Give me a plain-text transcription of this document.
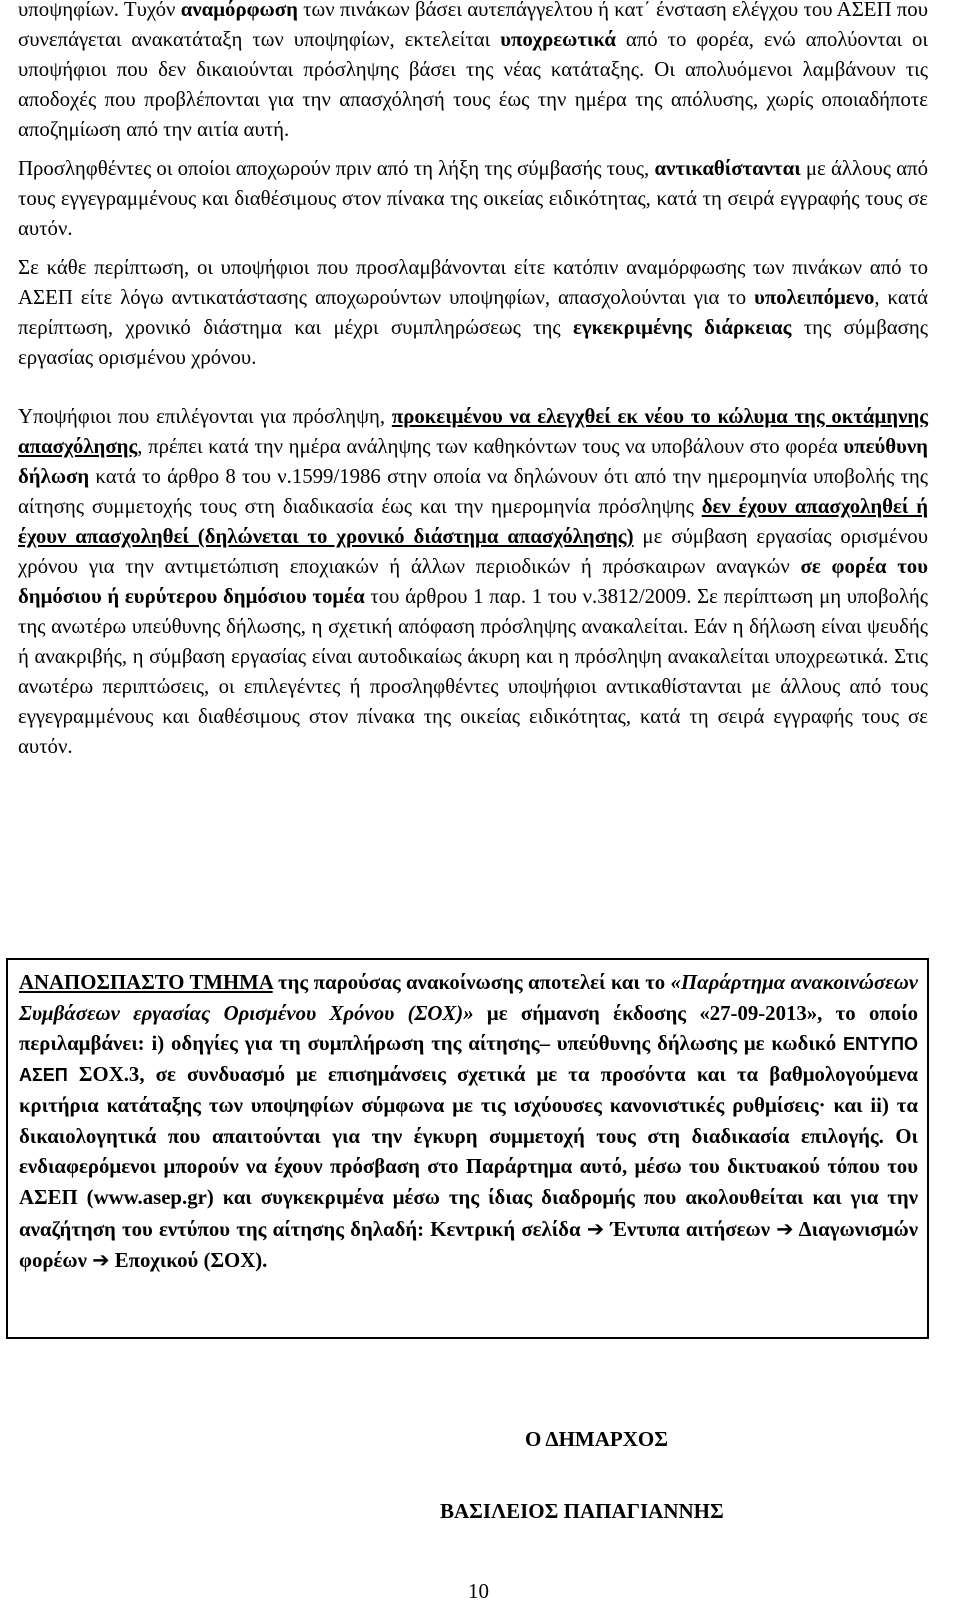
υποψηφίων. Τυχόν αναμόρφωση των πινάκων βάσει αυτεπάγγελτου ή κατ΄ ένσταση ελέγχου του ΑΣΕΠ που συνεπάγεται ανακατάταξη των υποψηφίων, εκτελείται υποχρεωτικά από το φορέα, ενώ απολύονται οι υποψήφιοι που δεν δικαιούνται πρόσληψης βάσει της νέας κατάταξης. Οι απολυόμενοι λαμβάνουν τις αποδοχές που προβλέπονται για την απασχόλησή τους έως την ημέρα της απόλυσης, χωρίς οποιαδήποτε αποζημίωση από την αιτία αυτή.

Προσληφθέντες οι οποίοι αποχωρούν πριν από τη λήξη της σύμβασής τους, αντικαθίστανται με άλλους από τους εγγεγραμμένους και διαθέσιμους στον πίνακα της οικείας ειδικότητας, κατά τη σειρά εγγραφής τους σε αυτόν.

Σε κάθε περίπτωση, οι υποψήφιοι που προσλαμβάνονται είτε κατόπιν αναμόρφωσης των πινάκων από το ΑΣΕΠ είτε λόγω αντικατάστασης αποχωρούντων υποψηφίων, απασχολούνται για το υπολειπόμενο, κατά περίπτωση, χρονικό διάστημα και μέχρι συμπληρώσεως της εγκεκριμένης διάρκειας της σύμβασης εργασίας ορισμένου χρόνου.

Υποψήφιοι που επιλέγονται για πρόσληψη, προκειμένου να ελεγχθεί εκ νέου το κώλυμα της οκτάμηνης απασχόλησης, πρέπει κατά την ημέρα ανάληψης των καθηκόντων τους να υποβάλουν στο φορέα υπεύθυνη δήλωση κατά το άρθρο 8 του ν.1599/1986 στην οποία να δηλώνουν ότι από την ημερομηνία υποβολής της αίτησης συμμετοχής τους στη διαδικασία έως και την ημερομηνία πρόσληψης δεν έχουν απασχοληθεί ή έχουν απασχοληθεί (δηλώνεται το χρονικό διάστημα απασχόλησης) με σύμβαση εργασίας ορισμένου χρόνου για την αντιμετώπιση εποχιακών ή άλλων περιοδικών ή πρόσκαιρων αναγκών σε φορέα του δημόσιου ή ευρύτερου δημόσιου τομέα του άρθρου 1 παρ. 1 του ν.3812/2009. Σε περίπτωση μη υποβολής της ανωτέρω υπεύθυνης δήλωσης, η σχετική απόφαση πρόσληψης ανακαλείται. Εάν η δήλωση είναι ψευδής ή ανακριβής, η σύμβαση εργασίας είναι αυτοδικαίως άκυρη και η πρόσληψη ανακαλείται υποχρεωτικά. Στις ανωτέρω περιπτώσεις, οι επιλεγέντες ή προσληφθέντες υποψήφιοι αντικαθίστανται με άλλους από τους εγγεγραμμένους και διαθέσιμους στον πίνακα της οικείας ειδικότητας, κατά τη σειρά εγγραφής τους σε αυτόν.

ΑΝΑΠΟΣΠΑΣΤΟ ΤΜΗΜΑ της παρούσας ανακοίνωσης αποτελεί και το «Παράρτημα ανακοινώσεων Συμβάσεων εργασίας Ορισμένου Χρόνου (ΣΟΧ)» με σήμανση έκδοσης «27-09-2013», το οποίο περιλαμβάνει: i) οδηγίες για τη συμπλήρωση της αίτησης– υπεύθυνης δήλωσης με κωδικό ΕΝΤΥΠΟ ΑΣΕΠ ΣΟΧ.3, σε συνδυασμό με επισημάνσεις σχετικά με τα προσόντα και τα βαθμολογούμενα κριτήρια κατάταξης των υποψηφίων σύμφωνα με τις ισχύουσες κανονιστικές ρυθμίσεις· και ii) τα δικαιολογητικά που απαιτούνται για την έγκυρη συμμετοχή τους στη διαδικασία επιλογής. Οι ενδιαφερόμενοι μπορούν να έχουν πρόσβαση στο Παράρτημα αυτό, μέσω του δικτυακού τόπου του ΑΣΕΠ (www.asep.gr) και συγκεκριμένα μέσω της ίδιας διαδρομής που ακολουθείται και για την αναζήτηση του εντύπου της αίτησης δηλαδή: Κεντρική σελίδα ➔ Έντυπα αιτήσεων ➔ Διαγωνισμών φορέων ➔ Εποχικού (ΣΟΧ).
Ο ΔΗΜΑΡΧΟΣ
ΒΑΣΙΛΕΙΟΣ ΠΑΠΑΓΙΑΝΝΗΣ
10
